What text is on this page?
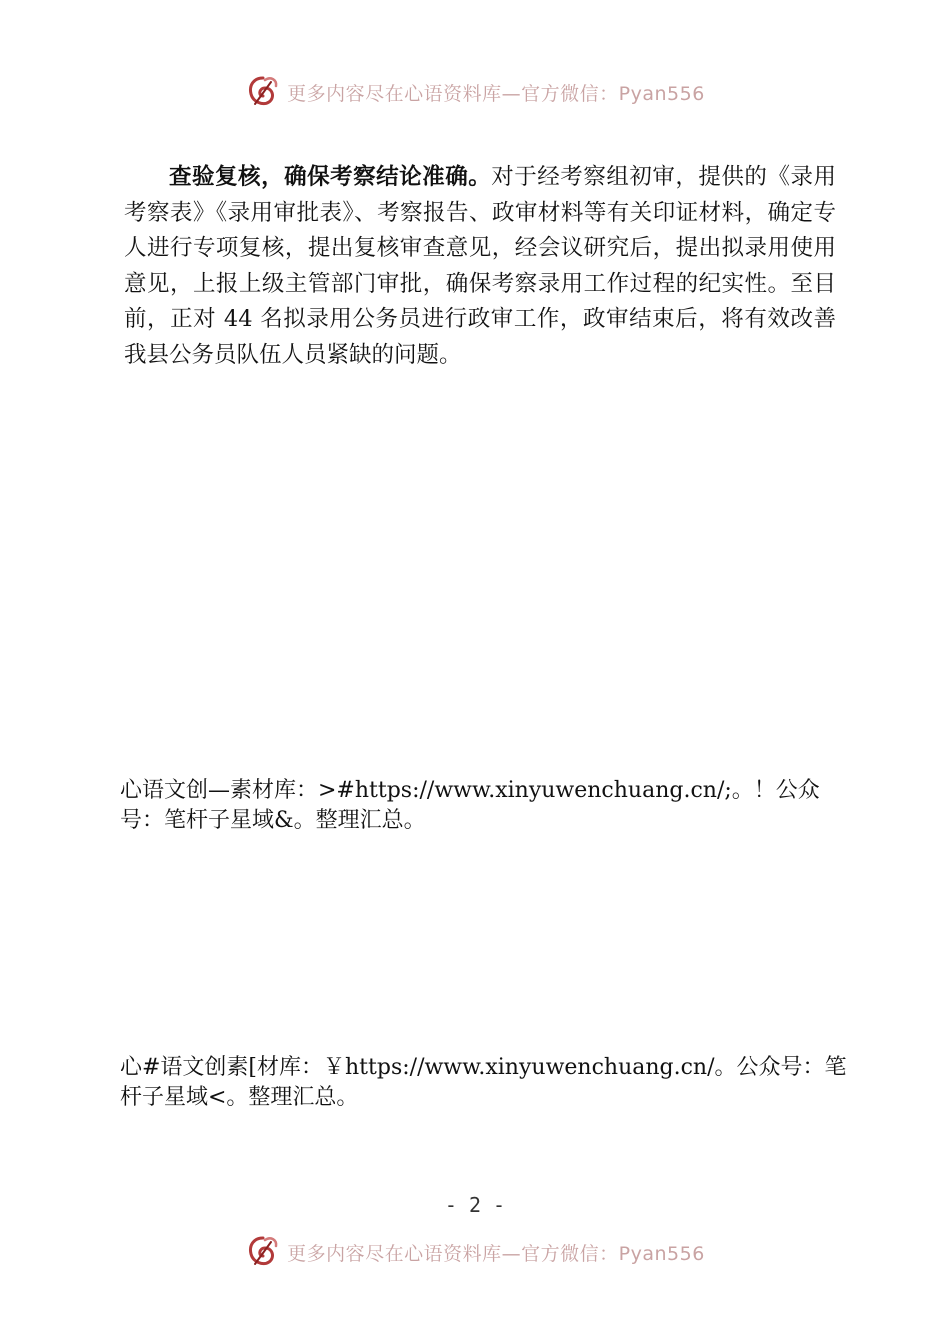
更多内容尽在心语资料库—官方微信：Pyan556

查验复核，确保考察结论准确。对于经考察组初审，提供的《录用考察表》《录用审批表》、考察报告、政审材料等有关印证材料，确定专人进行专项复核，提出复核审查意见，经会议研究后，提出拟录用使用意见，上报上级主管部门审批，确保考察录用工作过程的纪实性。至目前，正对 44 名拟录用公务员进行政审工作，政审结束后，将有效改善我县公务员队伍人员紧缺的问题。

心语文创—素材库：>#https://www.xinyuwenchuang.cn/;。！公众号：笔杆子星域&。整理汇总。

心#语文创素[材库：￥https://www.xinyuwenchuang.cn/。公众号：笔杆子星域<。整理汇总。

- 2 -
更多内容尽在心语资料库—官方微信：Pyan556
